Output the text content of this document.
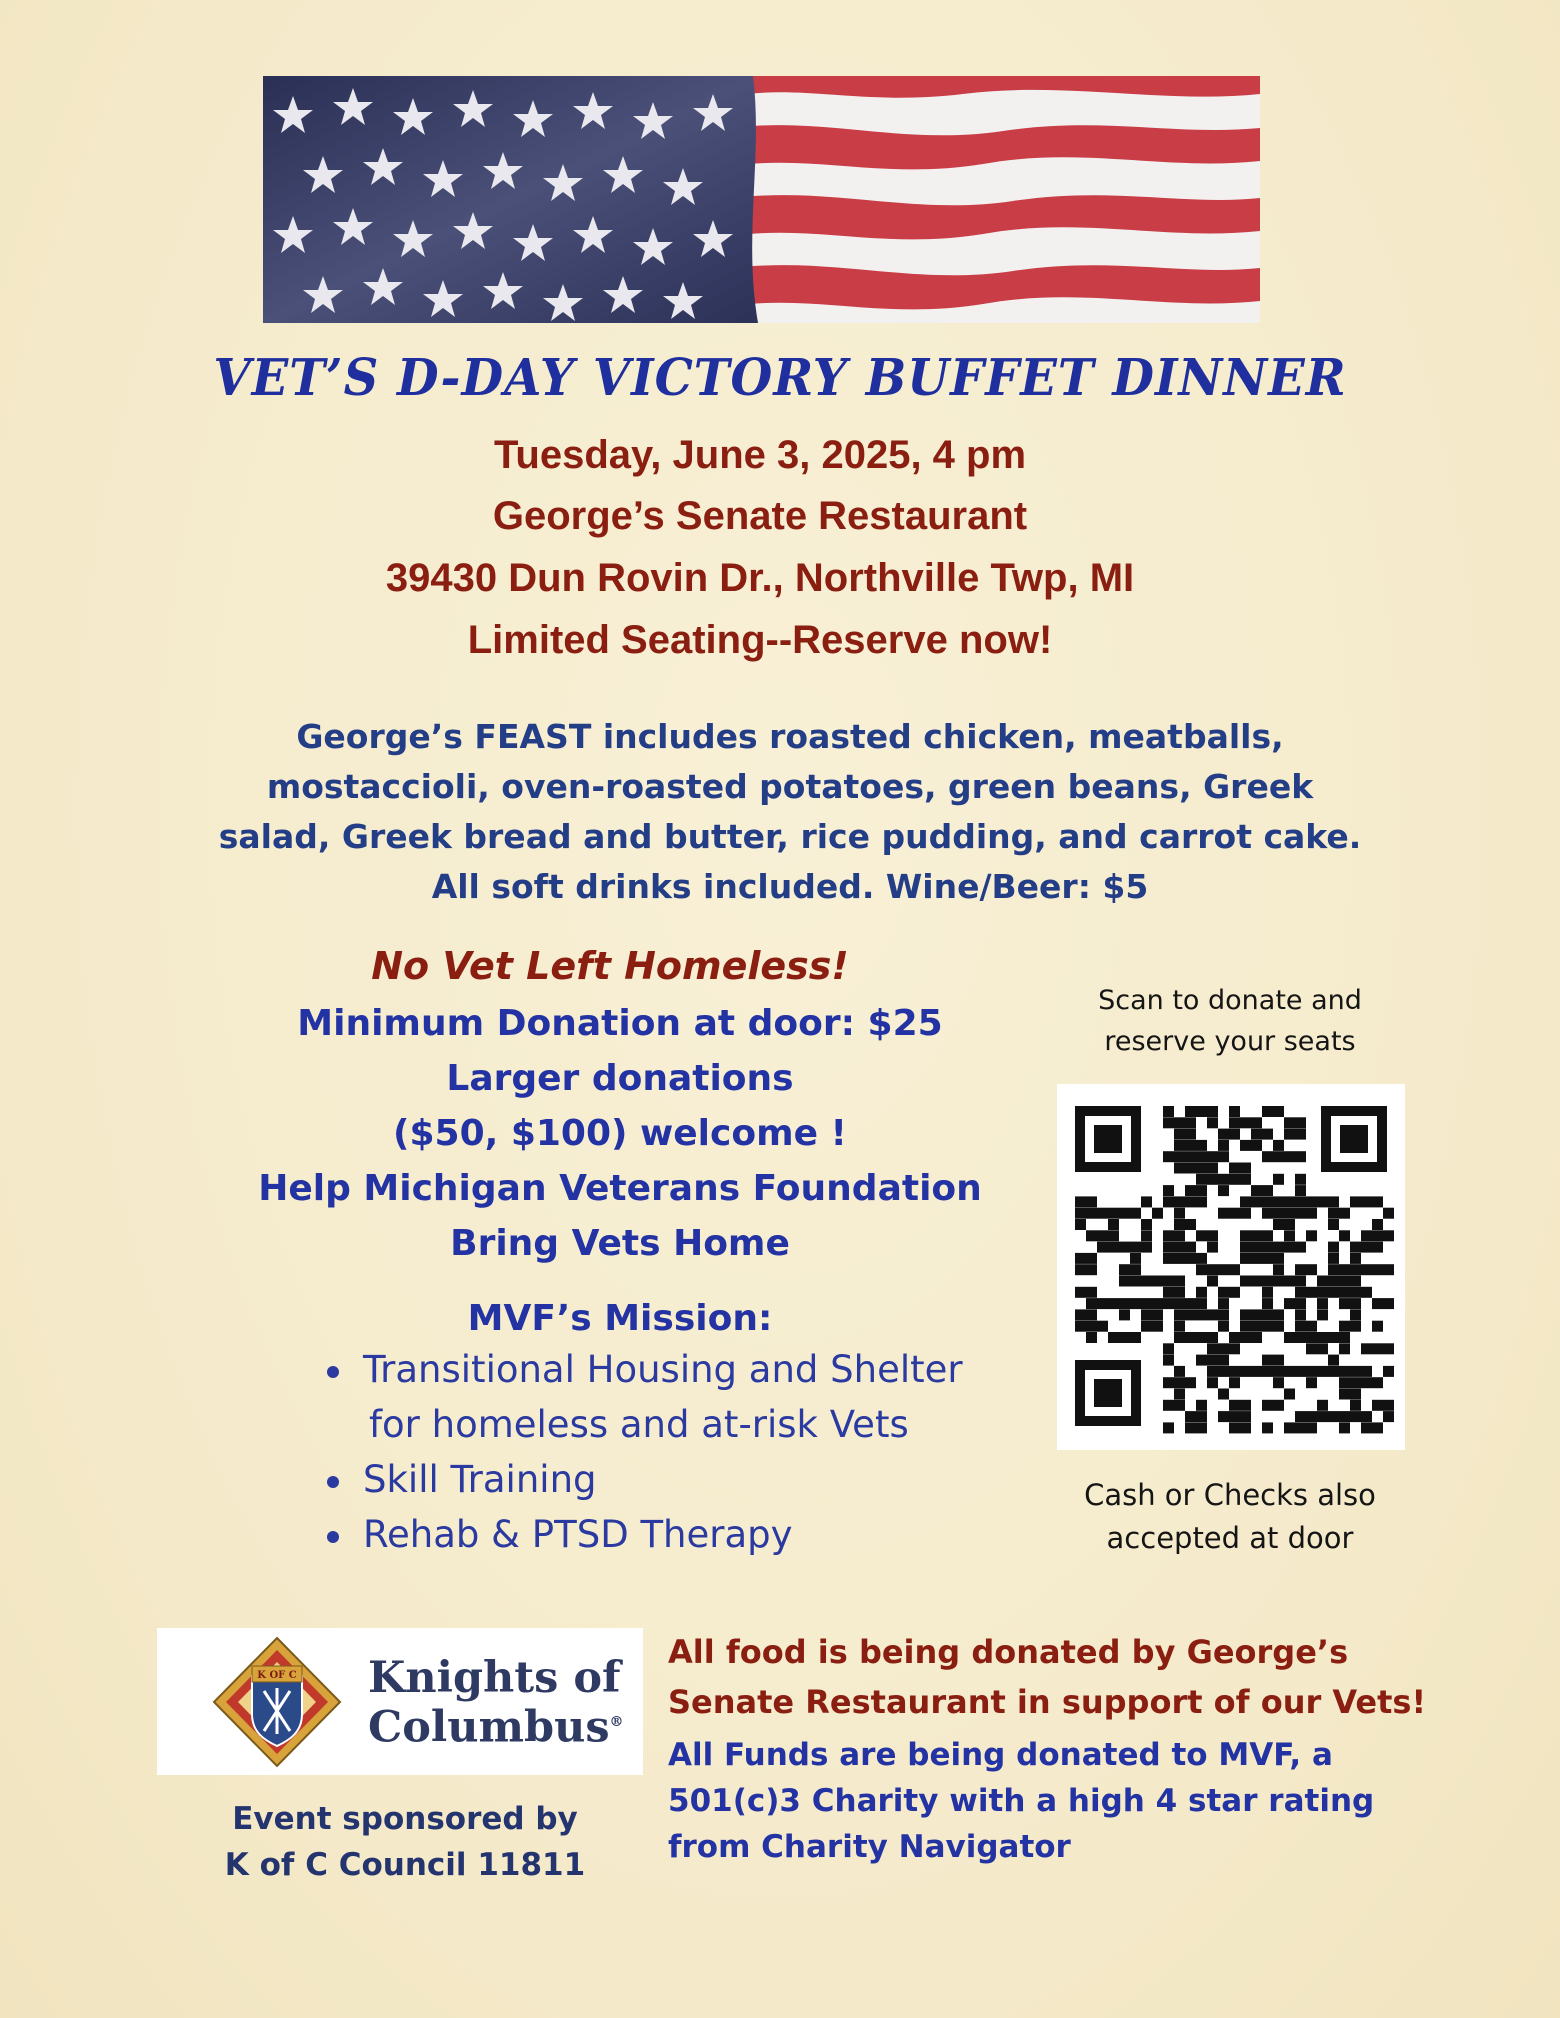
VET’S D-DAY VICTORY BUFFET DINNER
Tuesday, June 3, 2025, 4 pm
George’s Senate Restaurant
39430 Dun Rovin Dr., Northville Twp, MI
Limited Seating--Reserve now!

George’s FEAST includes roasted chicken, meatballs,

mostaccioli, oven-roasted potatoes, green beans, Greek

salad, Greek bread and butter, rice pudding, and carrot cake.

All soft drinks included. Wine/Beer: $5

No Vet Left Homeless!
Minimum Donation at door: $25
Larger donations
($50, $100) welcome !
Help Michigan Veterans Foundation
Bring Vets Home
MVF’s Mission:
Transitional Housing and Shelter
for homeless and at-risk Vets
Skill Training
Rehab & PTSD Therapy
Scan to donate and
reserve your seats
Cash or Checks also
accepted at door
K OF C Knights of
Columbus®
Event sponsored by
K of C Council 11811
All food is being donated by George’s
Senate Restaurant in support of our Vets!
All Funds are being donated to MVF, a
501(c)3 Charity with a high 4 star rating
from Charity Navigator
